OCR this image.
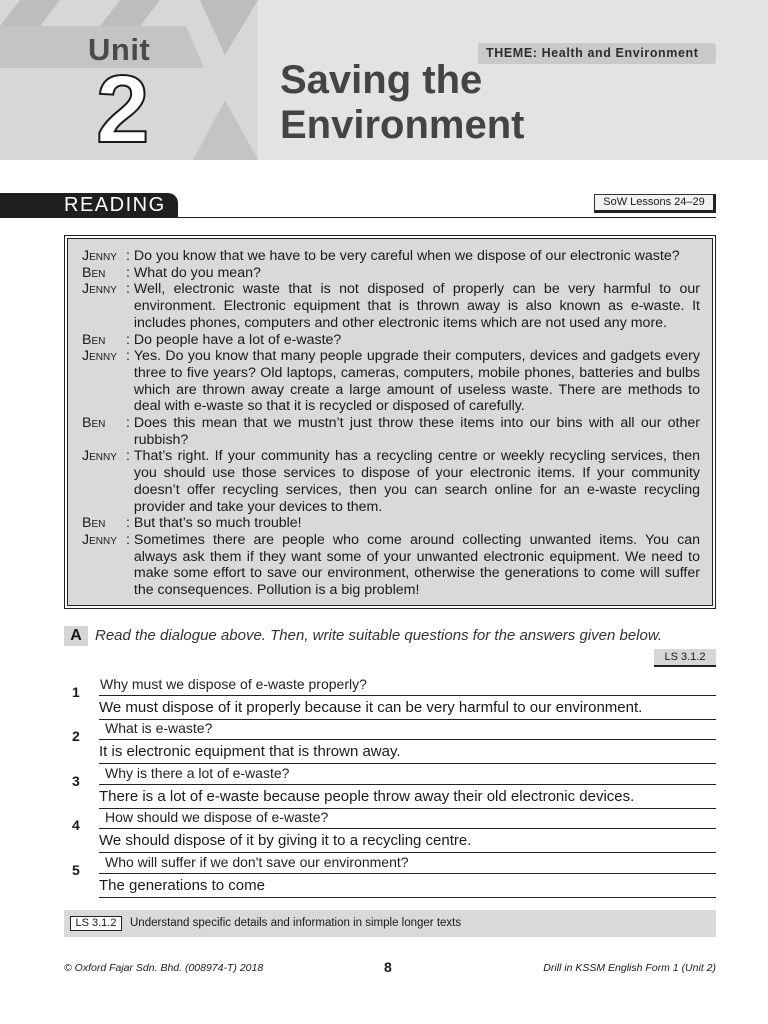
Unit
2
THEME: Health and Environment
Saving the
Environment
READING	SoW Lessons 24–29
Jenny : Do you know that we have to be very careful when we dispose of our electronic waste?
Ben	: What do you mean?
Jenny : Well, electronic waste that is not disposed of properly can be very harmful to our environment. Electronic equipment that is thrown away is also known as e-waste. It includes phones, computers and other electronic items which are not used any more.
Ben	: Do people have a lot of e-waste?
Jenny : Yes. Do you know that many people upgrade their computers, devices and gadgets every three to five years? Old laptops, cameras, computers, mobile phones, batteries and bulbs which are thrown away create a large amount of useless waste. There are methods to deal with e-waste so that it is recycled or disposed of carefully.
Ben	: Does this mean that we mustn’t just throw these items into our bins with all our other rubbish?
Jenny : That’s right. If your community has a recycling centre or weekly recycling services, then you should use those services to dispose of your electronic items. If your community doesn’t offer recycling services, then you can search online for an e-waste recycling provider and take your devices to them.
Ben	: But that’s so much trouble!
Jenny : Sometimes there are people who come around collecting unwanted items. You can always ask them if they want some of your unwanted electronic equipment. We need to make some effort to save our environment, otherwise the generations to come will suffer the consequences. Pollution is a big problem!
A Read the dialogue above. Then, write suitable questions for the answers given below.
LS 3.1.2
1 Why must we dispose of e-waste properly?
We must dispose of it properly because it can be very harmful to our environment.
2	What is e-waste?
It is electronic equipment that is thrown away.
3	Why is there a lot of e-waste?
There is a lot of e-waste because people throw away their old electronic devices.
4	How should we dispose of e-waste?
We should dispose of it by giving it to a recycling centre.
5	Who will suffer if we don't save our environment?
The generations to come
LS 3.1.2	Understand specific details and information in simple longer texts
© Oxford Fajar Sdn. Bhd. (008974-T) 2018	8	Drill in KSSM English Form 1 (Unit 2)
